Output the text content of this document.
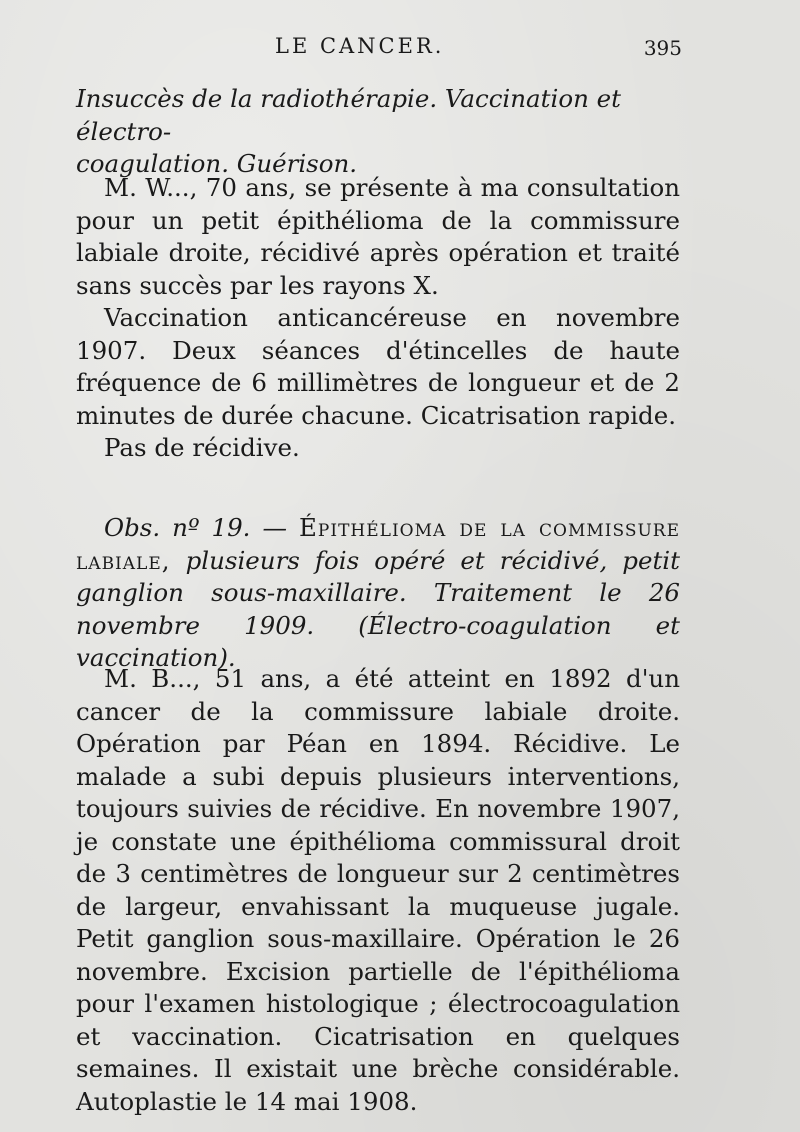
LE CANCER.	395

Insuccès de la radiothérapie. Vaccination et électro-
coagulation. Guérison.

M. W..., 70 ans, se présente à ma consultation pour un petit épithélioma de la commissure labiale droite, récidivé après opération et traité sans succès par les rayons X.
Vaccination anticancéreuse en novembre 1907. Deux séances d'étincelles de haute fréquence de 6 millimètres de longueur et de 2 minutes de durée chacune. Cicatrisation rapide.
Pas de récidive.

Obs. nº 19. — Épithélioma de la commissure labiale, plusieurs fois opéré et récidivé, petit ganglion sous-maxillaire. Traitement le 26 novembre 1909. (Électro-coagulation et vaccination).

M. B..., 51 ans, a été atteint en 1892 d'un cancer de la commissure labiale droite. Opération par Péan en 1894. Récidive. Le malade a subi depuis plusieurs interventions, toujours suivies de récidive. En novembre 1907, je constate une épithélioma commissural droit de 3 centimètres de longueur sur 2 centimètres de largeur, envahissant la muqueuse jugale. Petit ganglion sous-maxillaire. Opération le 26 novembre. Excision partielle de l'épithélioma pour l'examen histologique ; électrocoagulation et vaccination. Cicatrisation en quelques semaines. Il existait une brèche considérable. Autoplastie le 14 mai 1908.
